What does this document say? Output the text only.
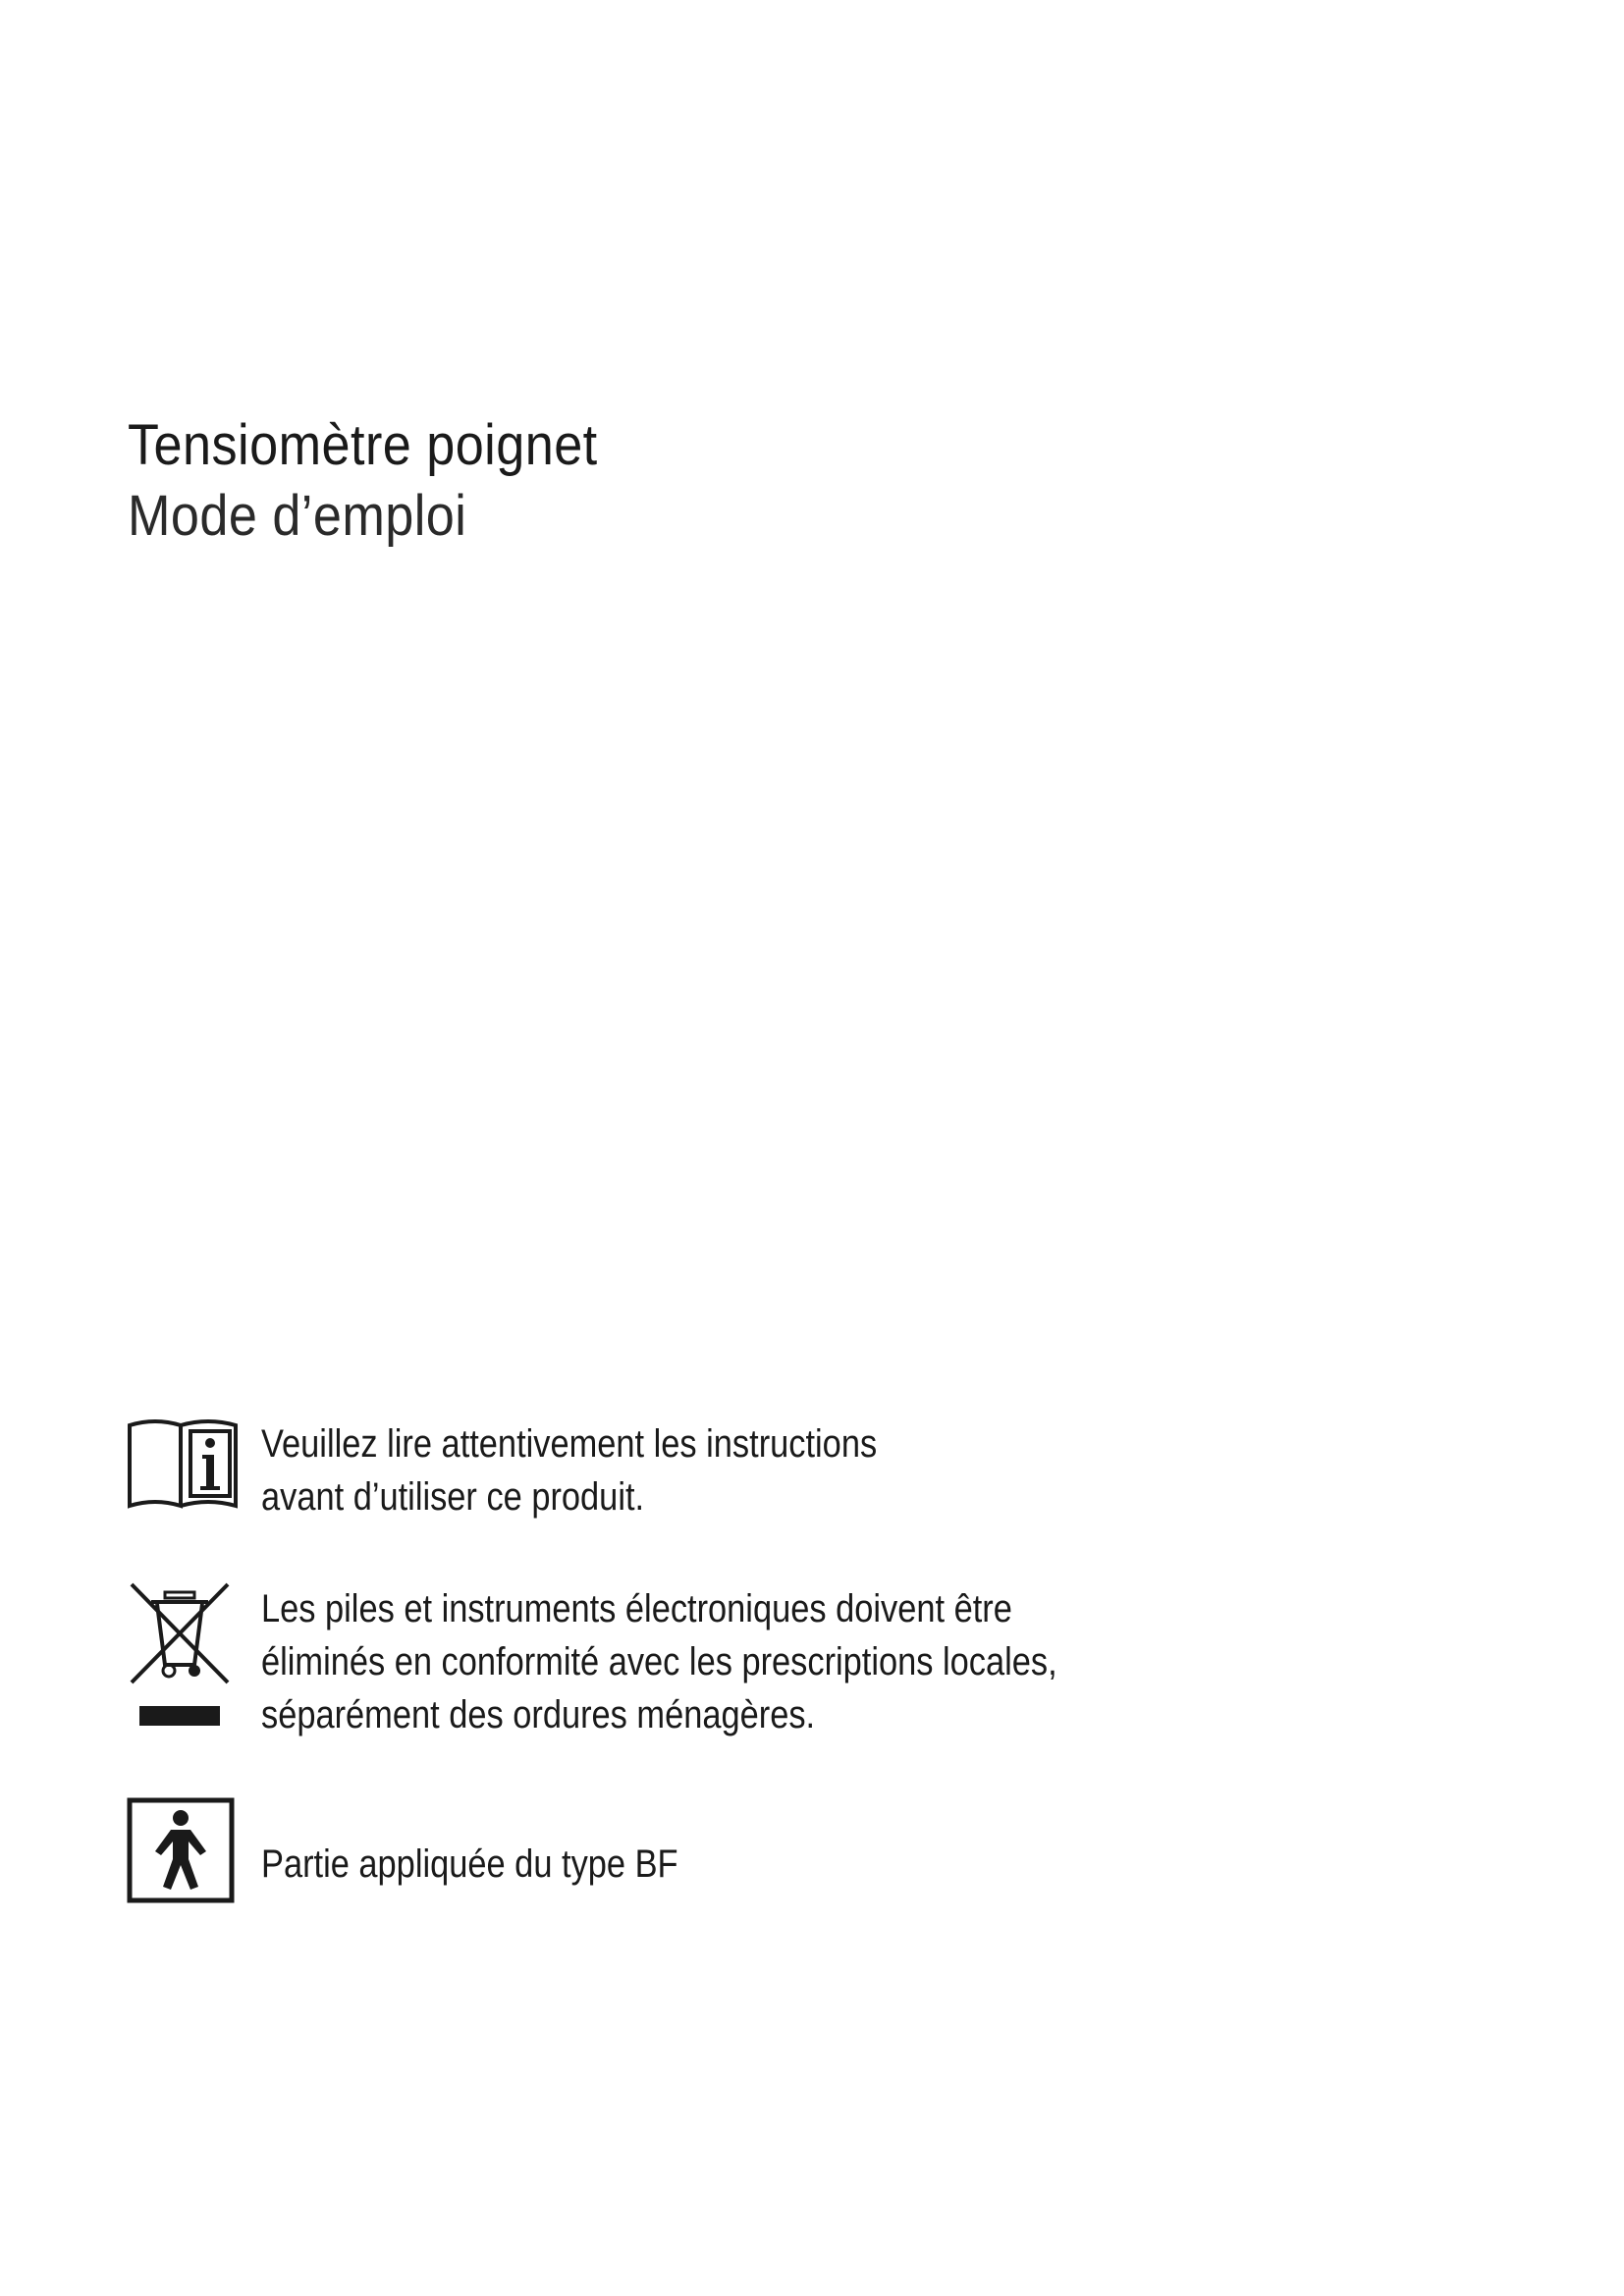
Tensiomètre poignet
Mode d’emploi
Veuillez lire attentivement les instructions
avant d’utiliser ce produit.
Les piles et instruments électroniques doivent être
éliminés en conformité avec les prescriptions locales,
séparément des ordures ménagères.
Partie appliquée du type BF
